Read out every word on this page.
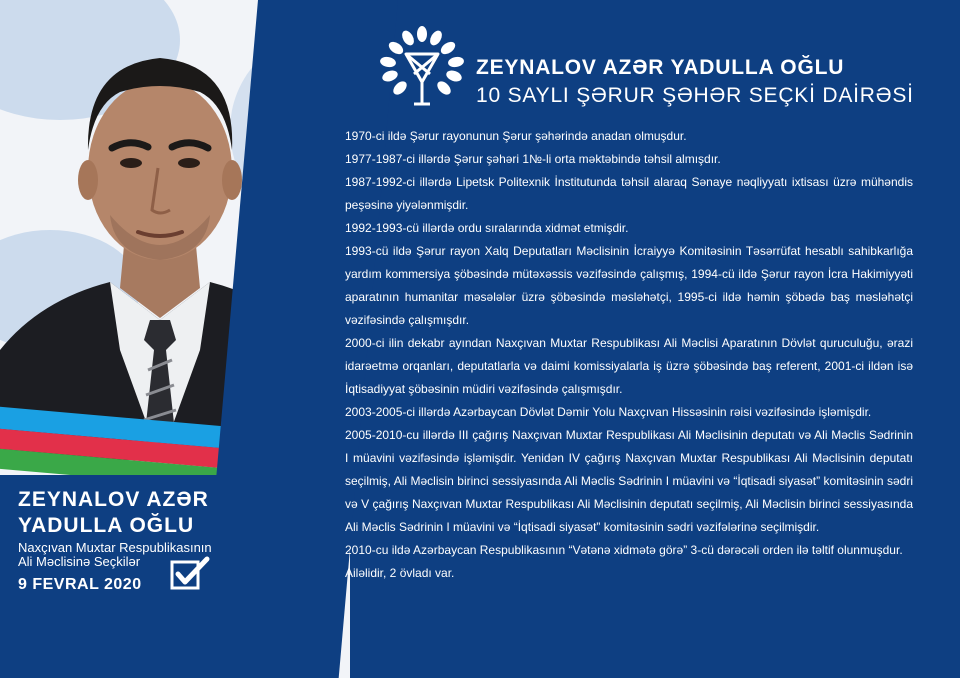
ZEYNALOV AZƏR
YADULLA OĞLU
Naxçıvan Muxtar Respublikasının
Ali Məclisinə Seçkilər
9 FEVRAL 2020
ZEYNALOV AZƏR YADULLA OĞLU
10 SAYLI ŞƏRUR ŞƏHƏR SEÇKİ DAİRƏSİ

1970-ci ildə Şərur rayonunun Şərur şəhərində anadan olmuşdur.

1977-1987-ci illərdə Şərur şəhəri 1№-li orta məktəbində təhsil almışdır.

1987-1992-ci illərdə Lipetsk Politexnik İnstitutunda təhsil alaraq Sənaye nəqliyyatı ixtisası üzrə mühəndis peşəsinə yiyələnmişdir.

1992-1993-cü illərdə ordu sıralarında xidmət etmişdir.

1993-cü ildə Şərur rayon Xalq Deputatları Məclisinin İcraiyyə Komitəsinin Təsərrüfat hesablı sahibkarlığa yardım kommersiya şöbəsində mütəxəssis vəzifəsində çalışmış, 1994-cü ildə Şərur rayon İcra Hakimiyyəti aparatının humanitar məsələlər üzrə şöbəsində məsləhətçi, 1995-ci ildə həmin şöbədə baş məsləhətçi vəzifəsində çalışmışdır.

2000-ci ilin dekabr ayından Naxçıvan Muxtar Respublikası Ali Məclisi Aparatının Dövlət quruculuğu, ərazi idarəetmə orqanları, deputatlarla və daimi komissiyalarla iş üzrə şöbəsində baş referent, 2001-ci ildən isə İqtisadiyyat şöbəsinin müdiri vəzifəsində çalışmışdır.

2003-2005-ci illərdə Azərbaycan Dövlət Dəmir Yolu Naxçıvan Hissəsinin rəisi vəzifəsində işləmişdir.

2005-2010-cu illərdə III çağırış Naxçıvan Muxtar Respublikası Ali Məclisinin deputatı və Ali Məclis Sədrinin I müavini vəzifəsində işləmişdir. Yenidən IV çağırış Naxçıvan Muxtar Respublikası Ali Məclisinin deputatı seçilmiş, Ali Məclisin birinci sessiyasında Ali Məclis Sədrinin I müavini və “İqtisadi siyasət” komitəsinin sədri və V çağırış Naxçıvan Muxtar Respublikası Ali Məclisinin deputatı seçilmiş, Ali Məclisin birinci sessiyasında Ali Məclis Sədrinin I müavini və “İqtisadi siyasət” komitəsinin sədri vəzifələrinə seçilmişdir.

2010-cu ildə Azərbaycan Respublikasının “Vətənə xidmətə görə” 3-cü dərəcəli orden ilə təltif olunmuşdur.

Ailəlidir, 2 övladı var.
